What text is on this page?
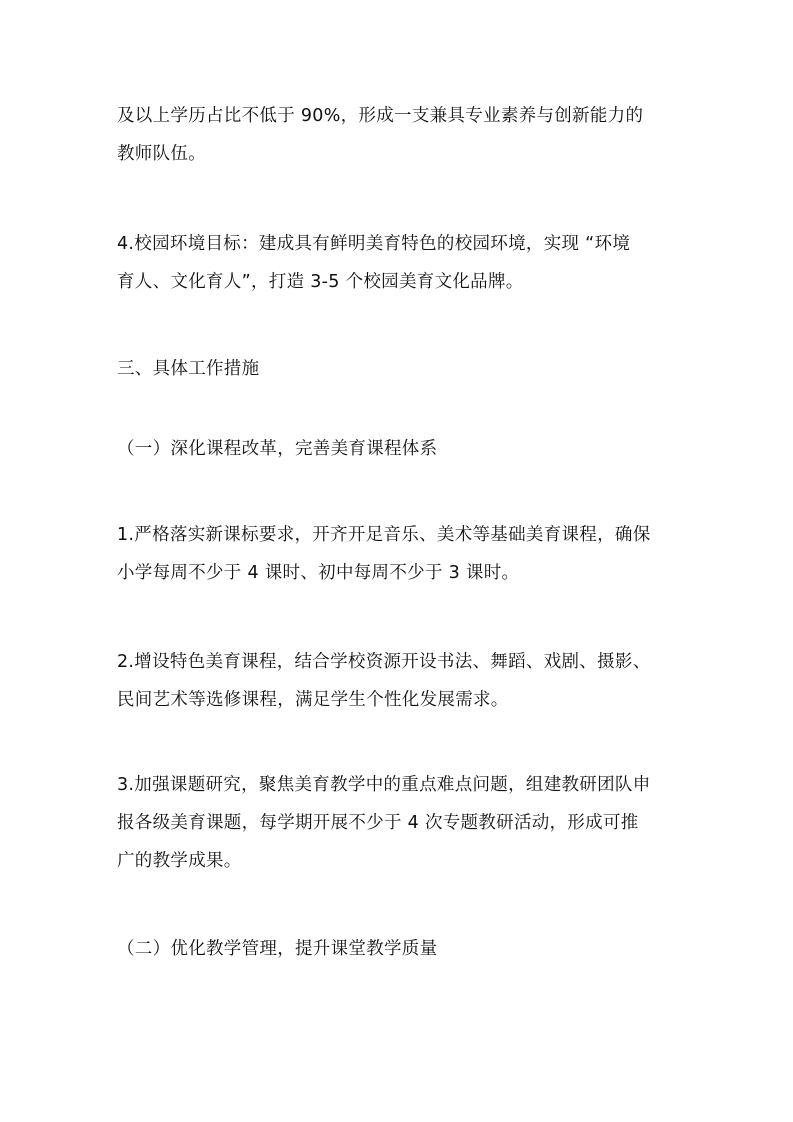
及以上学历占比不低于 90%，形成一支兼具专业素养与创新能力的
教师队伍。

4.校园环境目标：建成具有鲜明美育特色的校园环境，实现 “环境
育人、文化育人”，打造 3-5 个校园美育文化品牌。

三、具体工作措施

（一）深化课程改革，完善美育课程体系

1.严格落实新课标要求，开齐开足音乐、美术等基础美育课程，确保
小学每周不少于 4 课时、初中每周不少于 3 课时。

2.增设特色美育课程，结合学校资源开设书法、舞蹈、戏剧、摄影、
民间艺术等选修课程，满足学生个性化发展需求。

3.加强课题研究，聚焦美育教学中的重点难点问题，组建教研团队申
报各级美育课题，每学期开展不少于 4 次专题教研活动，形成可推
广的教学成果。

（二）优化教学管理，提升课堂教学质量
